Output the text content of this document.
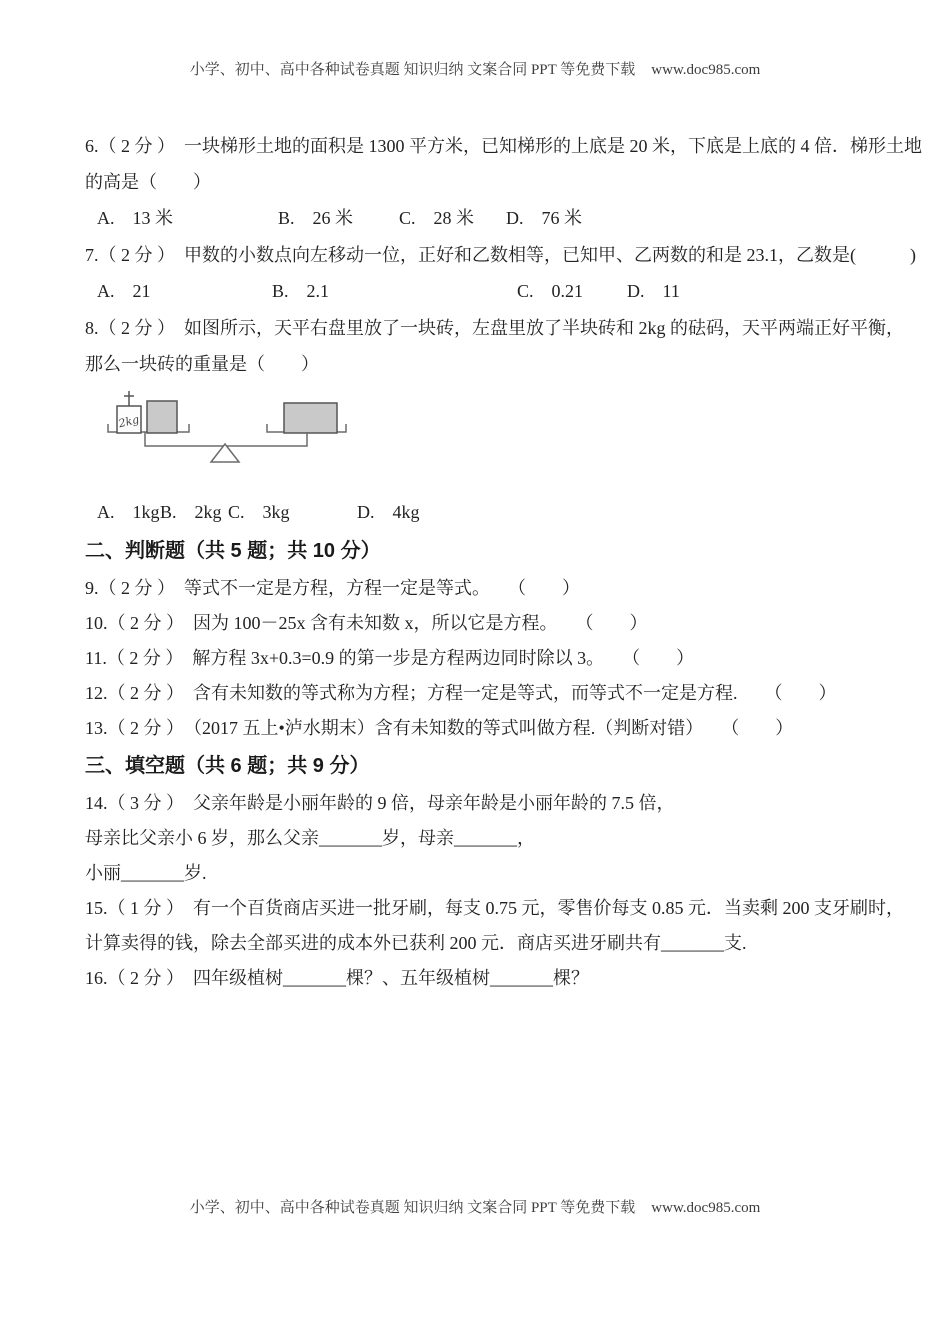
小学、初中、高中各种试卷真题 知识归纳 文案合同 PPT 等免费下载 www.doc985.com
6.（ 2 分 ）　一块梯形土地的面积是 1300 平方米，已知梯形的上底是 20 米，下底是上底的 4 倍．梯形土地
的高是（　　）
A.　13 米	B.　26 米	C.　28 米 D.　76 米
7.（ 2 分 ）　甲数的小数点向左移动一位，正好和乙数相等，已知甲、乙两数的和是 23.1，乙数是(　　　)
A.　21	B.　2.1	C.　0.21 D.　11
8.（ 2 分 ）　如图所示，天平右盘里放了一块砖，左盘里放了半块砖和 2kg 的砝码，天平两端正好平衡，
那么一块砖的重量是（　　）
2kg
A.　1kgB.　2kg C.　3kg	D.　4kg
二、判断题（共 5 题；共 10 分）
9.（ 2 分 ）　等式不一定是方程，方程一定是等式。　　（　　）
10.（ 2 分 ）　因为 100－25x 含有未知数 x，所以它是方程。　　（　　）
11.（ 2 分 ）　解方程 3x+0.3=0.9 的第一步是方程两边同时除以 3。　　（　　）
12.（ 2 分 ）　含有未知数的等式称为方程；方程一定是等式，而等式不一定是方程.　　（　　）
13.（ 2 分 ）　（2017 五上•泸水期末）含有未知数的等式叫做方程.（判断对错）　　（　　）
三、填空题（共 6 题；共 9 分）
14.（ 3 分 ）　父亲年龄是小丽年龄的 9 倍，母亲年龄是小丽年龄的 7.5 倍，
母亲比父亲小 6 岁，那么父亲_______岁，母亲_______，
小丽_______岁.
15.（ 1 分 ）　有一个百货商店买进一批牙刷，每支 0.75 元，零售价每支 0.85 元．当卖剩 200 支牙刷时，
计算卖得的钱，除去全部买进的成本外已获利 200 元．商店买进牙刷共有_______支.
16.（ 2 分 ）　四年级植树_______棵？、五年级植树_______棵？
小学、初中、高中各种试卷真题 知识归纳 文案合同 PPT 等免费下载 www.doc985.com
